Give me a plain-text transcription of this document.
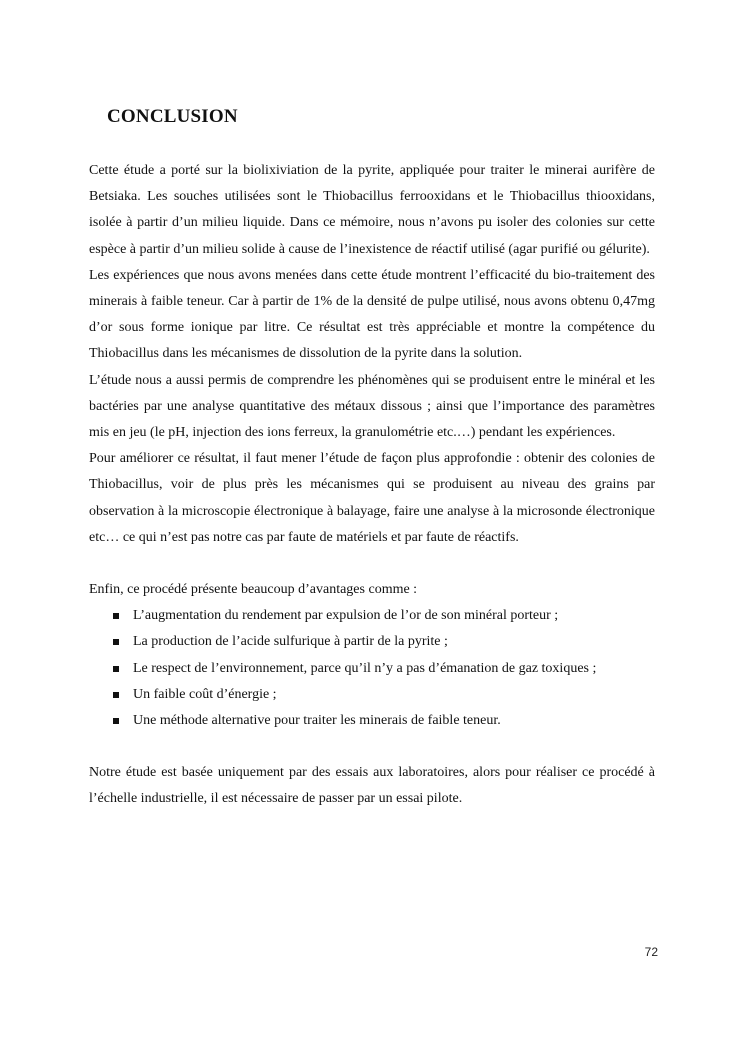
CONCLUSION

Cette étude a porté sur la biolixiviation de la pyrite, appliquée pour traiter le minerai aurifère de Betsiaka. Les souches utilisées sont le Thiobacillus ferrooxidans et le Thiobacillus thiooxidans, isolée à partir d’un milieu liquide. Dans ce mémoire, nous n’avons pu isoler des colonies sur cette espèce à partir d’un milieu solide à cause de l’inexistence de réactif utilisé (agar purifié ou gélurite).

Les expériences que nous avons menées dans cette étude montrent l’efficacité du bio-traitement des minerais à faible teneur. Car à partir de 1% de la densité de pulpe utilisé, nous avons obtenu 0,47mg d’or sous forme ionique par litre. Ce résultat est très appréciable et montre la compétence du Thiobacillus dans les mécanismes de dissolution de la pyrite dans la solution.

L’étude nous a aussi permis de comprendre les phénomènes qui se produisent entre le minéral et les bactéries par une analyse quantitative des métaux dissous ; ainsi que l’importance des paramètres mis en jeu (le pH, injection des ions ferreux, la granulométrie etc.…) pendant les expériences.

Pour améliorer ce résultat, il faut mener l’étude de façon plus approfondie : obtenir des colonies de Thiobacillus, voir de plus près les mécanismes qui se produisent au niveau des grains par observation à la microscopie électronique à balayage, faire une analyse à la microsonde électronique etc… ce qui n’est pas notre cas par faute de matériels et par faute de réactifs.

Enfin, ce procédé présente beaucoup d’avantages comme :

L’augmentation du rendement par expulsion de l’or de son minéral porteur ;
La production de l’acide sulfurique à partir de la pyrite ;
Le respect de l’environnement, parce qu’il n’y a pas d’émanation de gaz toxiques ;
Un faible coût d’énergie ;
Une méthode alternative pour traiter les minerais de faible teneur.

Notre étude est basée uniquement par des essais aux laboratoires, alors pour réaliser ce procédé à l’échelle industrielle, il est nécessaire de passer par un essai pilote.

72
